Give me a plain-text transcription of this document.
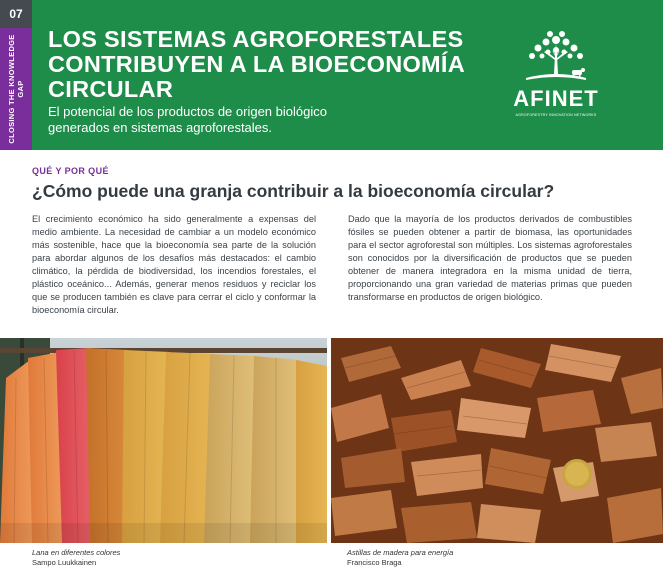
07
CLOSING THE KNOWLEDGE GAP
LOS SISTEMAS AGROFORESTALES CONTRIBUYEN A LA BIOECONOMÍA CIRCULAR
El potencial de los productos de origen biológico generados en sistemas agroforestales.
AFINET
AGROFORESTRY INNOVATION NETWORKS
QUÉ Y POR QUÉ
¿Cómo puede una granja contribuir a la bioeconomía circular?
El crecimiento económico ha sido generalmente a expensas del medio ambiente. La necesidad de cambiar a un modelo económico más sostenible, hace que la bioeconomía sea parte de la solución para abordar algunos de los desafíos más destacados: el cambio climático, la pérdida de biodiversidad, los incendios forestales, el plástico oceánico... Además, generar menos residuos y reciclar los que se producen también es clave para cerrar el ciclo y conformar la bioeconomía circular.
Dado que la mayoría de los productos derivados de combustibles fósiles se pueden obtener a partir de biomasa, las oportunidades para el sector agroforestal son múltiples. Los sistemas agroforestales son conocidos por la diversificación de productos que se pueden obtener de manera integradora en la misma unidad de tierra, proporcionando una gran variedad de materias primas que pueden transformarse en productos de origen biológico.
Lana en diferentes colores
Sampo Luukkainen
Astillas de madera para energía
Francisco Braga
